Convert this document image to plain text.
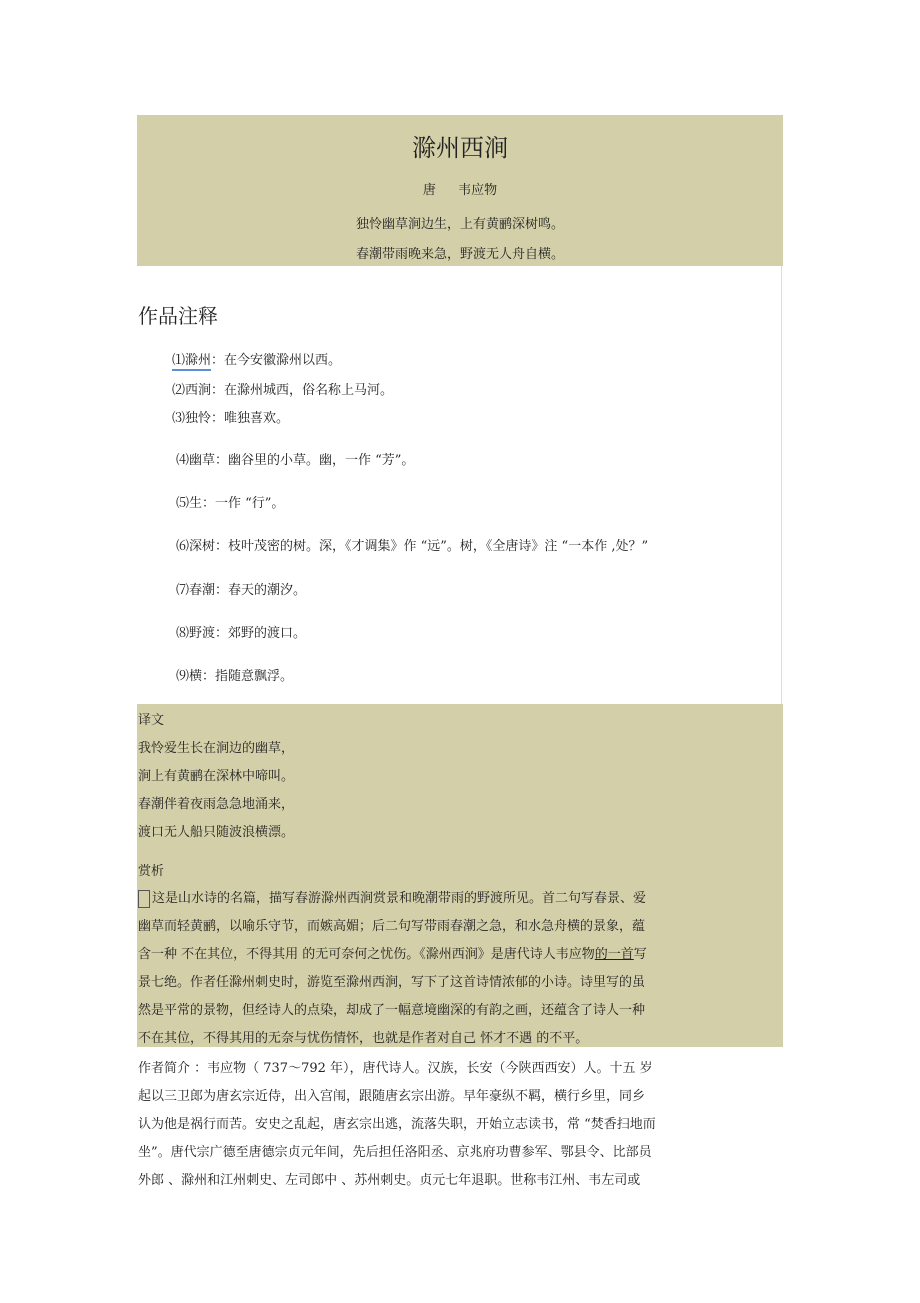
滁州西涧
唐 韦应物
独怜幽草涧边生，上有黄鹂深树鸣。
春潮带雨晚来急，野渡无人舟自横。
作品注释
⑴滁州：在今安徽滁州以西。
⑵西涧：在滁州城西，俗名称上马河。
⑶独怜：唯独喜欢。
⑷幽草：幽谷里的小草。幽，一作 “芳”。
⑸生：一作 “行”。
⑹深树：枝叶茂密的树。深，《才调集》作 “远”。树，《全唐诗》注 “一本作 ,处？”
⑺春潮：春天的潮汐。
⑻野渡：郊野的渡口。
⑼横：指随意飘浮。
译文
我怜爱生长在涧边的幽草，
涧上有黄鹂在深林中啼叫。
春潮伴着夜雨急急地涌来，
渡口无人船只随波浪横漂。
赏析
这是山水诗的名篇，描写春游滁州西涧赏景和晚潮带雨的野渡所见。首二句写春景、爱
幽草而轻黄鹂，以喻乐守节，而嫉高媚；后二句写带雨春潮之急，和水急舟横的景象，蕴
含一种 不在其位，不得其用 的无可奈何之忧伤。《滁州西涧》是唐代诗人韦应物的一首写
景七绝。作者任滁州刺史时，游览至滁州西涧，写下了这首诗情浓郁的小诗。诗里写的虽
然是平常的景物，但经诗人的点染，却成了一幅意境幽深的有韵之画，还蕴含了诗人一种
不在其位，不得其用的无奈与忧伤情怀，也就是作者对自己 怀才不遇 的不平。
作者简介 ：韦应物（ 737～792 年），唐代诗人。汉族，长安（今陕西西安）人。十五 岁
起以三卫郎为唐玄宗近侍，出入宫闱，跟随唐玄宗出游。早年豪纵不羁，横行乡里，同乡
认为他是祸行而苦。安史之乱起，唐玄宗出逃，流落失职，开始立志读书，常 “焚香扫地而
坐”。唐代宗广德至唐德宗贞元年间，先后担任洛阳丞、京兆府功曹参军、鄂县令、比部员
外郎 、滁州和江州刺史、左司郎中 、苏州刺史。贞元七年退职。世称韦江州、韦左司或
